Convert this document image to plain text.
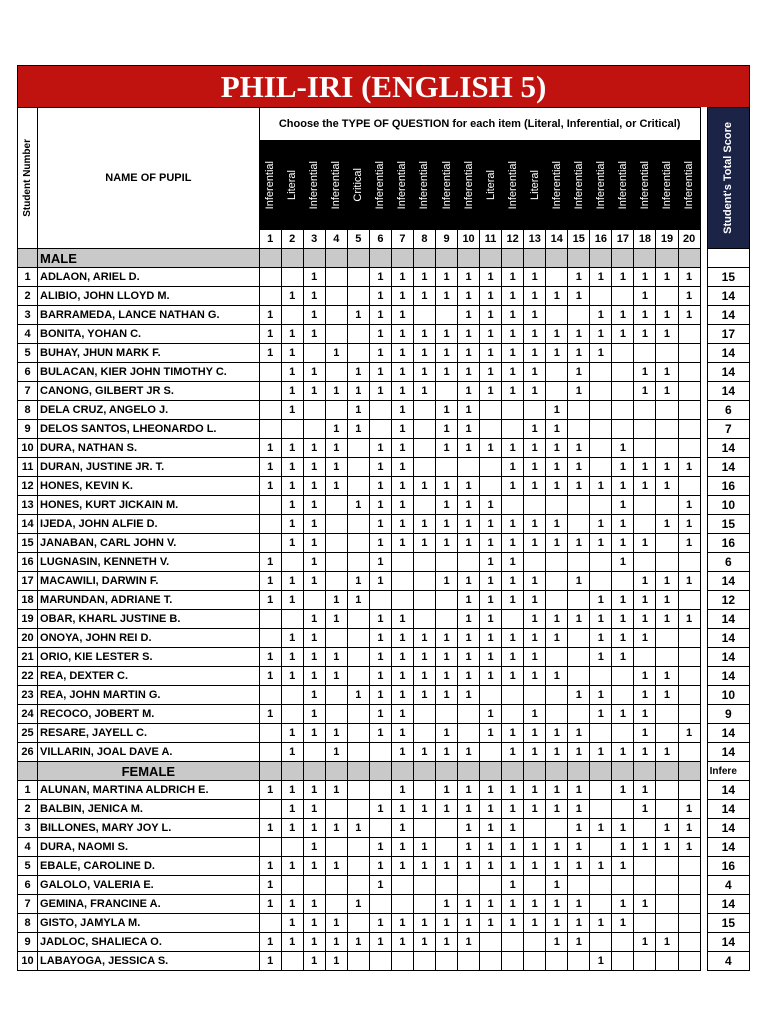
PHIL-IRI (ENGLISH 5)
Student Number	NAME OF PUPIL	Choose the TYPE OF QUESTION for each item (Literal, Inferential, or Critical)																					Student's Total Score

		Inferential	Literal	Inferential	Inferential	Critical	Inferential	Inferential	Inferential	Inferential	Inferential	Literal	Inferential	Literal	Inferential	Inferential	Inferential	Inferential	Inferential	Inferential	Inferential		

		1	2	3	4	5	6	7	8	9	10	11	12	13	14	15	16	17	18	19	20		
	MALE																						
1	ADLAON, ARIEL D.			1			1	1	1	1	1	1	1	1		1	1	1	1	1	1		15
2	ALIBIO, JOHN LLOYD M.		1	1			1	1	1	1	1	1	1	1	1	1			1		1		14
3	BARRAMEDA, LANCE NATHAN G.	1		1		1	1	1			1	1	1	1			1	1	1	1	1		14
4	BONITA, YOHAN C.	1	1	1			1	1	1	1	1	1	1	1	1	1	1	1	1	1			17
5	BUHAY, JHUN MARK F.	1	1		1		1	1	1	1	1	1	1	1	1	1	1						14
6	BULACAN, KIER JOHN TIMOTHY C.		1	1		1	1	1	1	1	1	1	1	1		1			1	1			14
7	CANONG, GILBERT JR S.		1	1	1	1	1	1	1		1	1	1	1		1			1	1			14
8	DELA CRUZ, ANGELO J.		1			1		1		1	1				1								6
9	DELOS SANTOS, LHEONARDO L.				1	1		1		1	1			1	1								7
10	DURA, NATHAN S.	1	1	1	1		1	1		1	1	1	1	1	1	1		1					14
11	DURAN, JUSTINE JR. T.	1	1	1	1		1	1					1	1	1	1		1	1	1	1		14
12	HONES, KEVIN K.	1	1	1	1		1	1	1	1	1		1	1	1	1	1	1	1	1			16
13	HONES, KURT JICKAIN M.		1	1		1	1	1		1	1	1						1			1		10
14	IJEDA, JOHN ALFIE D.		1	1			1	1	1	1	1	1	1	1	1		1	1		1	1		15
15	JANABAN, CARL JOHN V.		1	1			1	1	1	1	1	1	1	1	1	1	1	1	1		1		16
16	LUGNASIN, KENNETH V.	1		1			1					1	1					1					6
17	MACAWILI, DARWIN F.	1	1	1		1	1			1	1	1	1	1		1			1	1	1		14
18	MARUNDAN, ADRIANE T.	1	1		1	1					1	1	1	1			1	1	1	1			12
19	OBAR, KHARL JUSTINE B.			1	1		1	1			1	1		1	1	1	1	1	1	1	1		14
20	ONOYA, JOHN REI D.		1	1			1	1	1	1	1	1	1	1	1		1	1	1				14
21	ORIO, KIE LESTER S.	1	1	1	1		1	1	1	1	1	1	1	1			1	1					14
22	REA, DEXTER C.	1	1	1	1		1	1	1	1	1	1	1	1	1				1	1			14
23	REA, JOHN MARTIN G.			1		1	1	1	1	1	1					1	1		1	1			10
24	RECOCO, JOBERT M.	1		1			1	1				1		1			1	1	1				9
25	RESARE, JAYELL C.		1	1	1		1	1		1		1	1	1	1	1			1		1		14
26	VILLARIN, JOAL DAVE A.		1		1			1	1	1	1		1	1	1	1	1	1	1	1			14
	FEMALE																						Infere
1	ALUNAN, MARTINA ALDRICH E.	1	1	1	1			1		1	1	1	1	1	1	1		1	1				14
2	BALBIN, JENICA M.		1	1			1	1	1	1	1	1	1	1	1	1			1		1		14
3	BILLONES, MARY JOY L.	1	1	1	1	1		1			1	1	1			1	1	1		1	1		14
4	DURA, NAOMI S.			1			1	1	1		1	1	1	1	1	1		1	1	1	1		14
5	EBALE, CAROLINE D.	1	1	1	1		1	1	1	1	1	1	1	1	1	1	1	1					16
6	GALOLO, VALERIA E.	1					1						1		1								4
7	GEMINA, FRANCINE A.	1	1	1		1				1	1	1	1	1	1	1		1	1				14
8	GISTO, JAMYLA M.		1	1	1		1	1	1	1	1	1	1	1	1	1	1	1					15
9	JADLOC, SHALIECA O.	1	1	1	1	1	1	1	1	1	1				1	1			1	1			14
10	LABAYOGA, JESSICA S.	1		1	1												1						4
